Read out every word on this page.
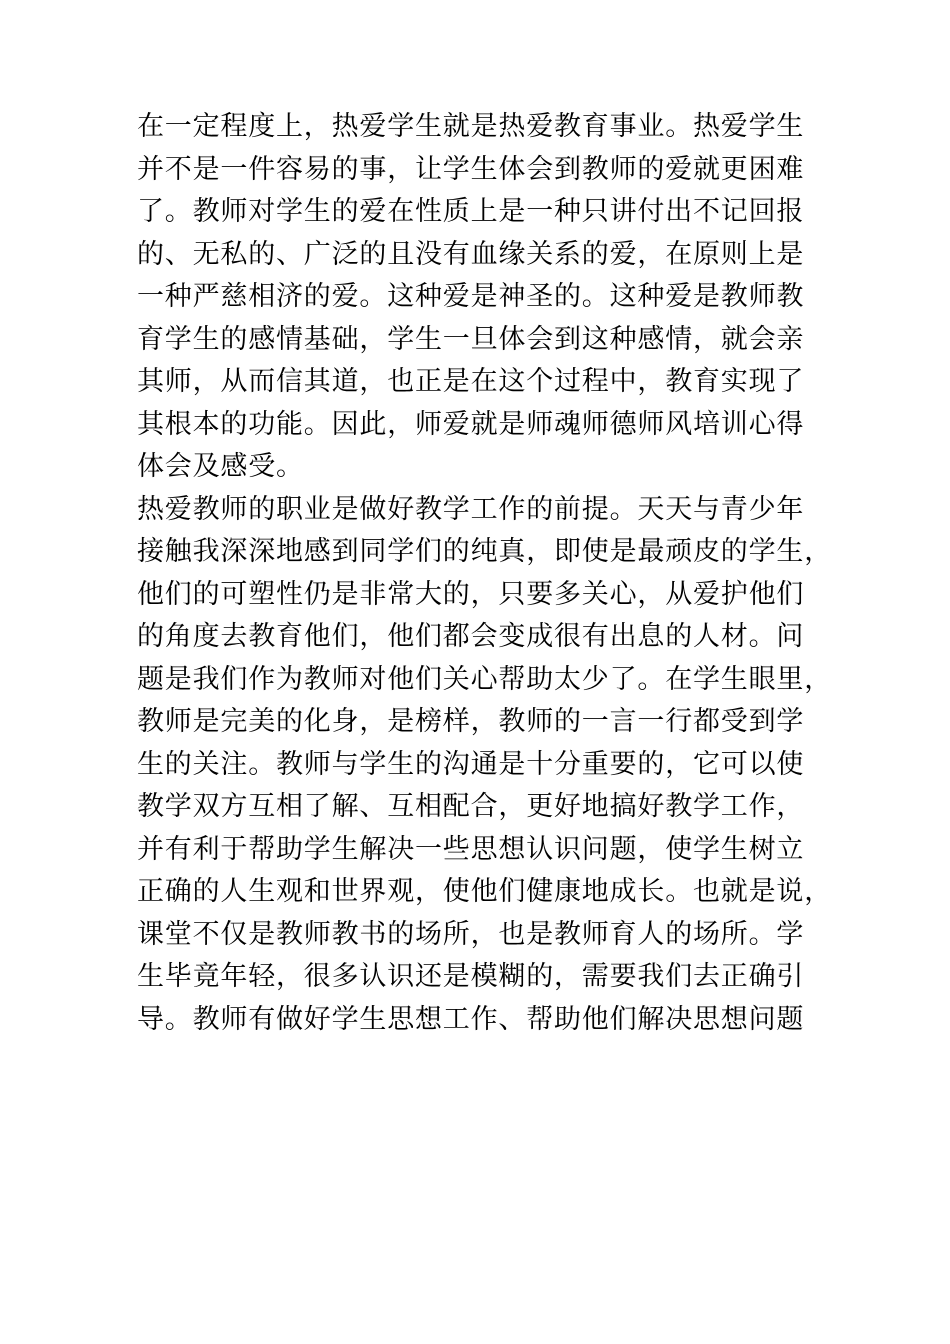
在一定程度上，热爱学生就是热爱教育事业。热爱学生
并不是一件容易的事，让学生体会到教师的爱就更困难
了。教师对学生的爱在性质上是一种只讲付出不记回报
的、无私的、广泛的且没有血缘关系的爱，在原则上是
一种严慈相济的爱。这种爱是神圣的。这种爱是教师教
育学生的感情基础，学生一旦体会到这种感情，就会亲
其师，从而信其道，也正是在这个过程中，教育实现了
其根本的功能。因此，师爱就是师魂师德师风培训心得
体会及感受。
热爱教师的职业是做好教学工作的前提。天天与青少年
接触我深深地感到同学们的纯真，即使是最顽皮的学生，
他们的可塑性仍是非常大的，只要多关心，从爱护他们
的角度去教育他们，他们都会变成很有出息的人材。问
题是我们作为教师对他们关心帮助太少了。在学生眼里，
教师是完美的化身，是榜样，教师的一言一行都受到学
生的关注。教师与学生的沟通是十分重要的，它可以使
教学双方互相了解、互相配合，更好地搞好教学工作，
并有利于帮助学生解决一些思想认识问题，使学生树立
正确的人生观和世界观，使他们健康地成长。也就是说，
课堂不仅是教师教书的场所，也是教师育人的场所。学
生毕竟年轻，很多认识还是模糊的，需要我们去正确引
导。教师有做好学生思想工作、帮助他们解决思想问题
